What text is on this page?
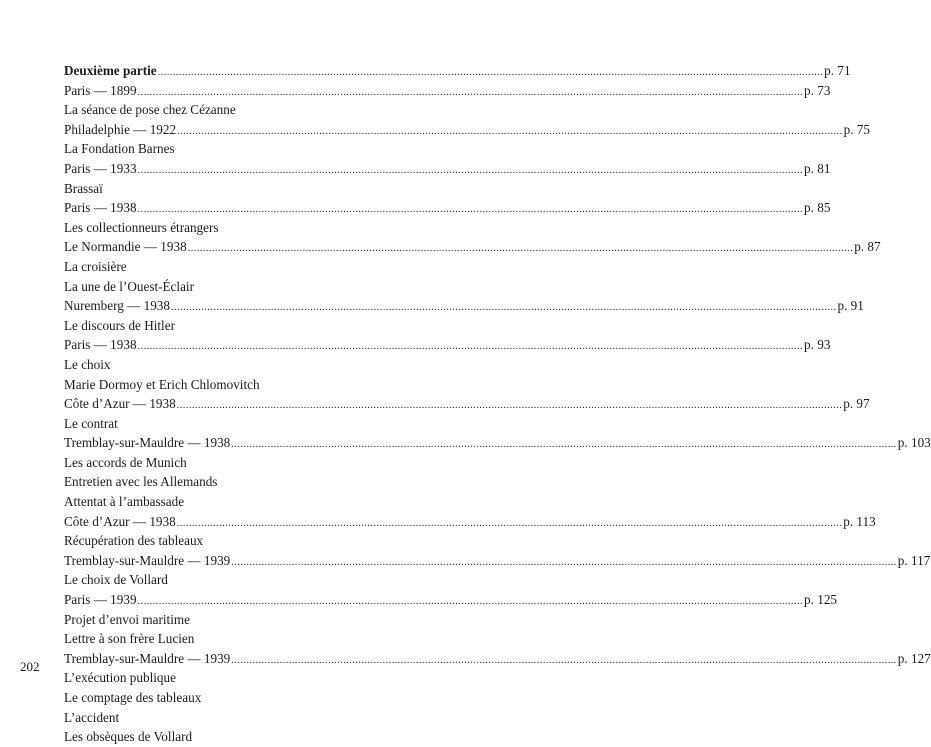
Deuxième partie ............................................................................................................................................................................................................................ p. 71
Paris — 1899 ............................................................................................................................................................................................................................ p. 73
La séance de pose chez Cézanne
Philadelphie — 1922 ............................................................................................................................................................................................................................ p. 75
La Fondation Barnes
Paris — 1933 ............................................................................................................................................................................................................................ p. 81
Brassaï
Paris — 1938 ............................................................................................................................................................................................................................ p. 85
Les collectionneurs étrangers
Le Normandie — 1938 ............................................................................................................................................................................................................................ p. 87
La croisière
La une de l’Ouest-Éclair
Nuremberg — 1938 ............................................................................................................................................................................................................................ p. 91
Le discours de Hitler
Paris — 1938 ............................................................................................................................................................................................................................ p. 93
Le choix
Marie Dormoy et Erich Chlomovitch
Côte d’Azur — 1938 ............................................................................................................................................................................................................................ p. 97
Le contrat
Tremblay-sur-Mauldre — 1938 ............................................................................................................................................................................................................................ p. 103
Les accords de Munich
Entretien avec les Allemands
Attentat à l’ambassade
Côte d’Azur — 1938 ............................................................................................................................................................................................................................ p. 113
Récupération des tableaux
Tremblay-sur-Mauldre — 1939 ............................................................................................................................................................................................................................ p. 117
Le choix de Vollard
Paris — 1939 ............................................................................................................................................................................................................................ p. 125
Projet d’envoi maritime
Lettre à son frère Lucien
Tremblay-sur-Mauldre — 1939 ............................................................................................................................................................................................................................ p. 127
L’exécution publique
Le comptage des tableaux
L’accident
Les obsèques de Vollard
202
